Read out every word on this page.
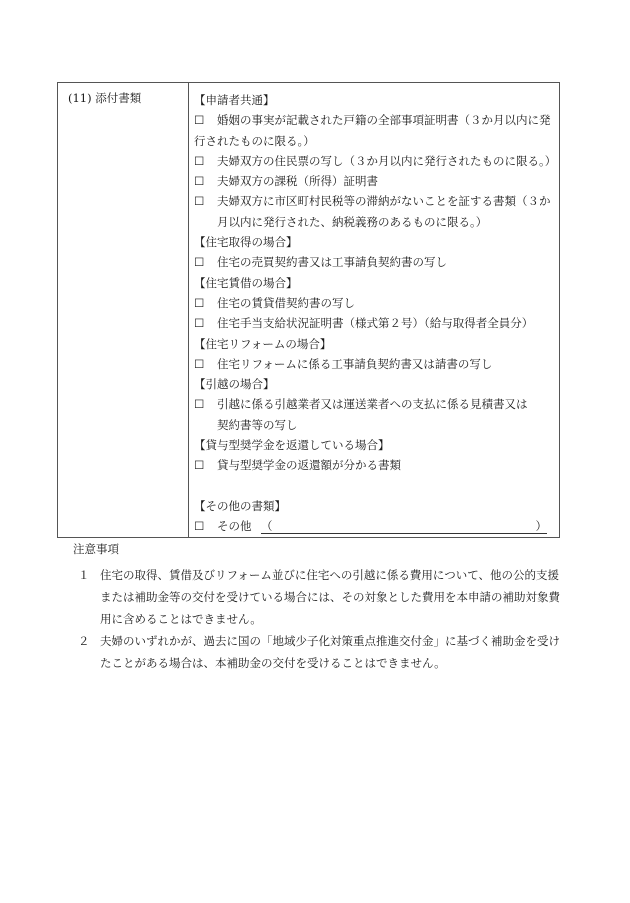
(11) 添付書類	【申請者共通】
☐ 婚姻の事実が記載された戸籍の全部事項証明書（３か月以内に発
行されたものに限る。）
☐ 夫婦双方の住民票の写し（３か月以内に発行されたものに限る。）
☐ 夫婦双方の課税（所得）証明書
☐ 夫婦双方に市区町村民税等の滞納がないことを証する書類（３か
月以内に発行された、納税義務のあるものに限る。）
【住宅取得の場合】
☐ 住宅の売買契約書又は工事請負契約書の写し
【住宅賃借の場合】
☐ 住宅の賃貸借契約書の写し
☐ 住宅手当支給状況証明書（様式第２号）（給与取得者全員分）
【住宅リフォームの場合】
☐ 住宅リフォームに係る工事請負契約書又は請書の写し
【引越の場合】
☐ 引越に係る引越業者又は運送業者への支払に係る見積書又は
契約書等の写し
【貸与型奨学金を返還している場合】
☐ 貸与型奨学金の返還額が分かる書類
【その他の書類】
☐ その他 （	）
注意事項
１ 住宅の取得、賃借及びリフォーム並びに住宅への引越に係る費用について、他の公的支援
または補助金等の交付を受けている場合には、その対象とした費用を本申請の補助対象費
用に含めることはできません。
２ 夫婦のいずれかが、過去に国の「地域少子化対策重点推進交付金」に基づく補助金を受け
たことがある場合は、本補助金の交付を受けることはできません。
